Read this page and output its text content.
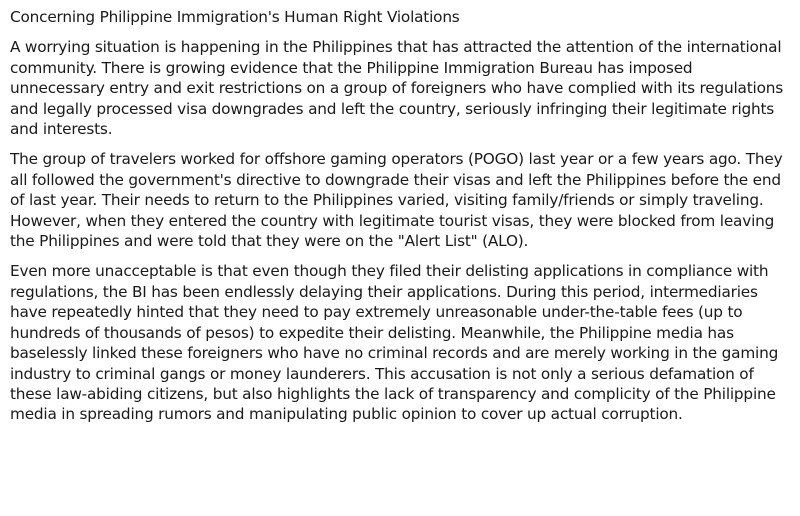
Concerning Philippine Immigration's Human Right Violations

A worrying situation is happening in the Philippines that has attracted the attention of the international community. There is growing evidence that the Philippine Immigration Bureau has imposed unnecessary entry and exit restrictions on a group of foreigners who have complied with its regulations and legally processed visa downgrades and left the country, seriously infringing their legitimate rights and interests.

The group of travelers worked for offshore gaming operators (POGO) last year or a few years ago. They all followed the government's directive to downgrade their visas and left the Philippines before the end of last year. Their needs to return to the Philippines varied, visiting family/friends or simply traveling. However, when they entered the country with legitimate tourist visas, they were blocked from leaving the Philippines and were told that they were on the "Alert List" (ALO).

Even more unacceptable is that even though they filed their delisting applications in compliance with regulations, the BI has been endlessly delaying their applications. During this period, intermediaries have repeatedly hinted that they need to pay extremely unreasonable under-the-table fees (up to hundreds of thousands of pesos) to expedite their delisting. Meanwhile, the Philippine media has baselessly linked these foreigners who have no criminal records and are merely working in the gaming industry to criminal gangs or money launderers. This accusation is not only a serious defamation of these law-abiding citizens, but also highlights the lack of transparency and complicity of the Philippine media in spreading rumors and manipulating public opinion to cover up actual corruption.
